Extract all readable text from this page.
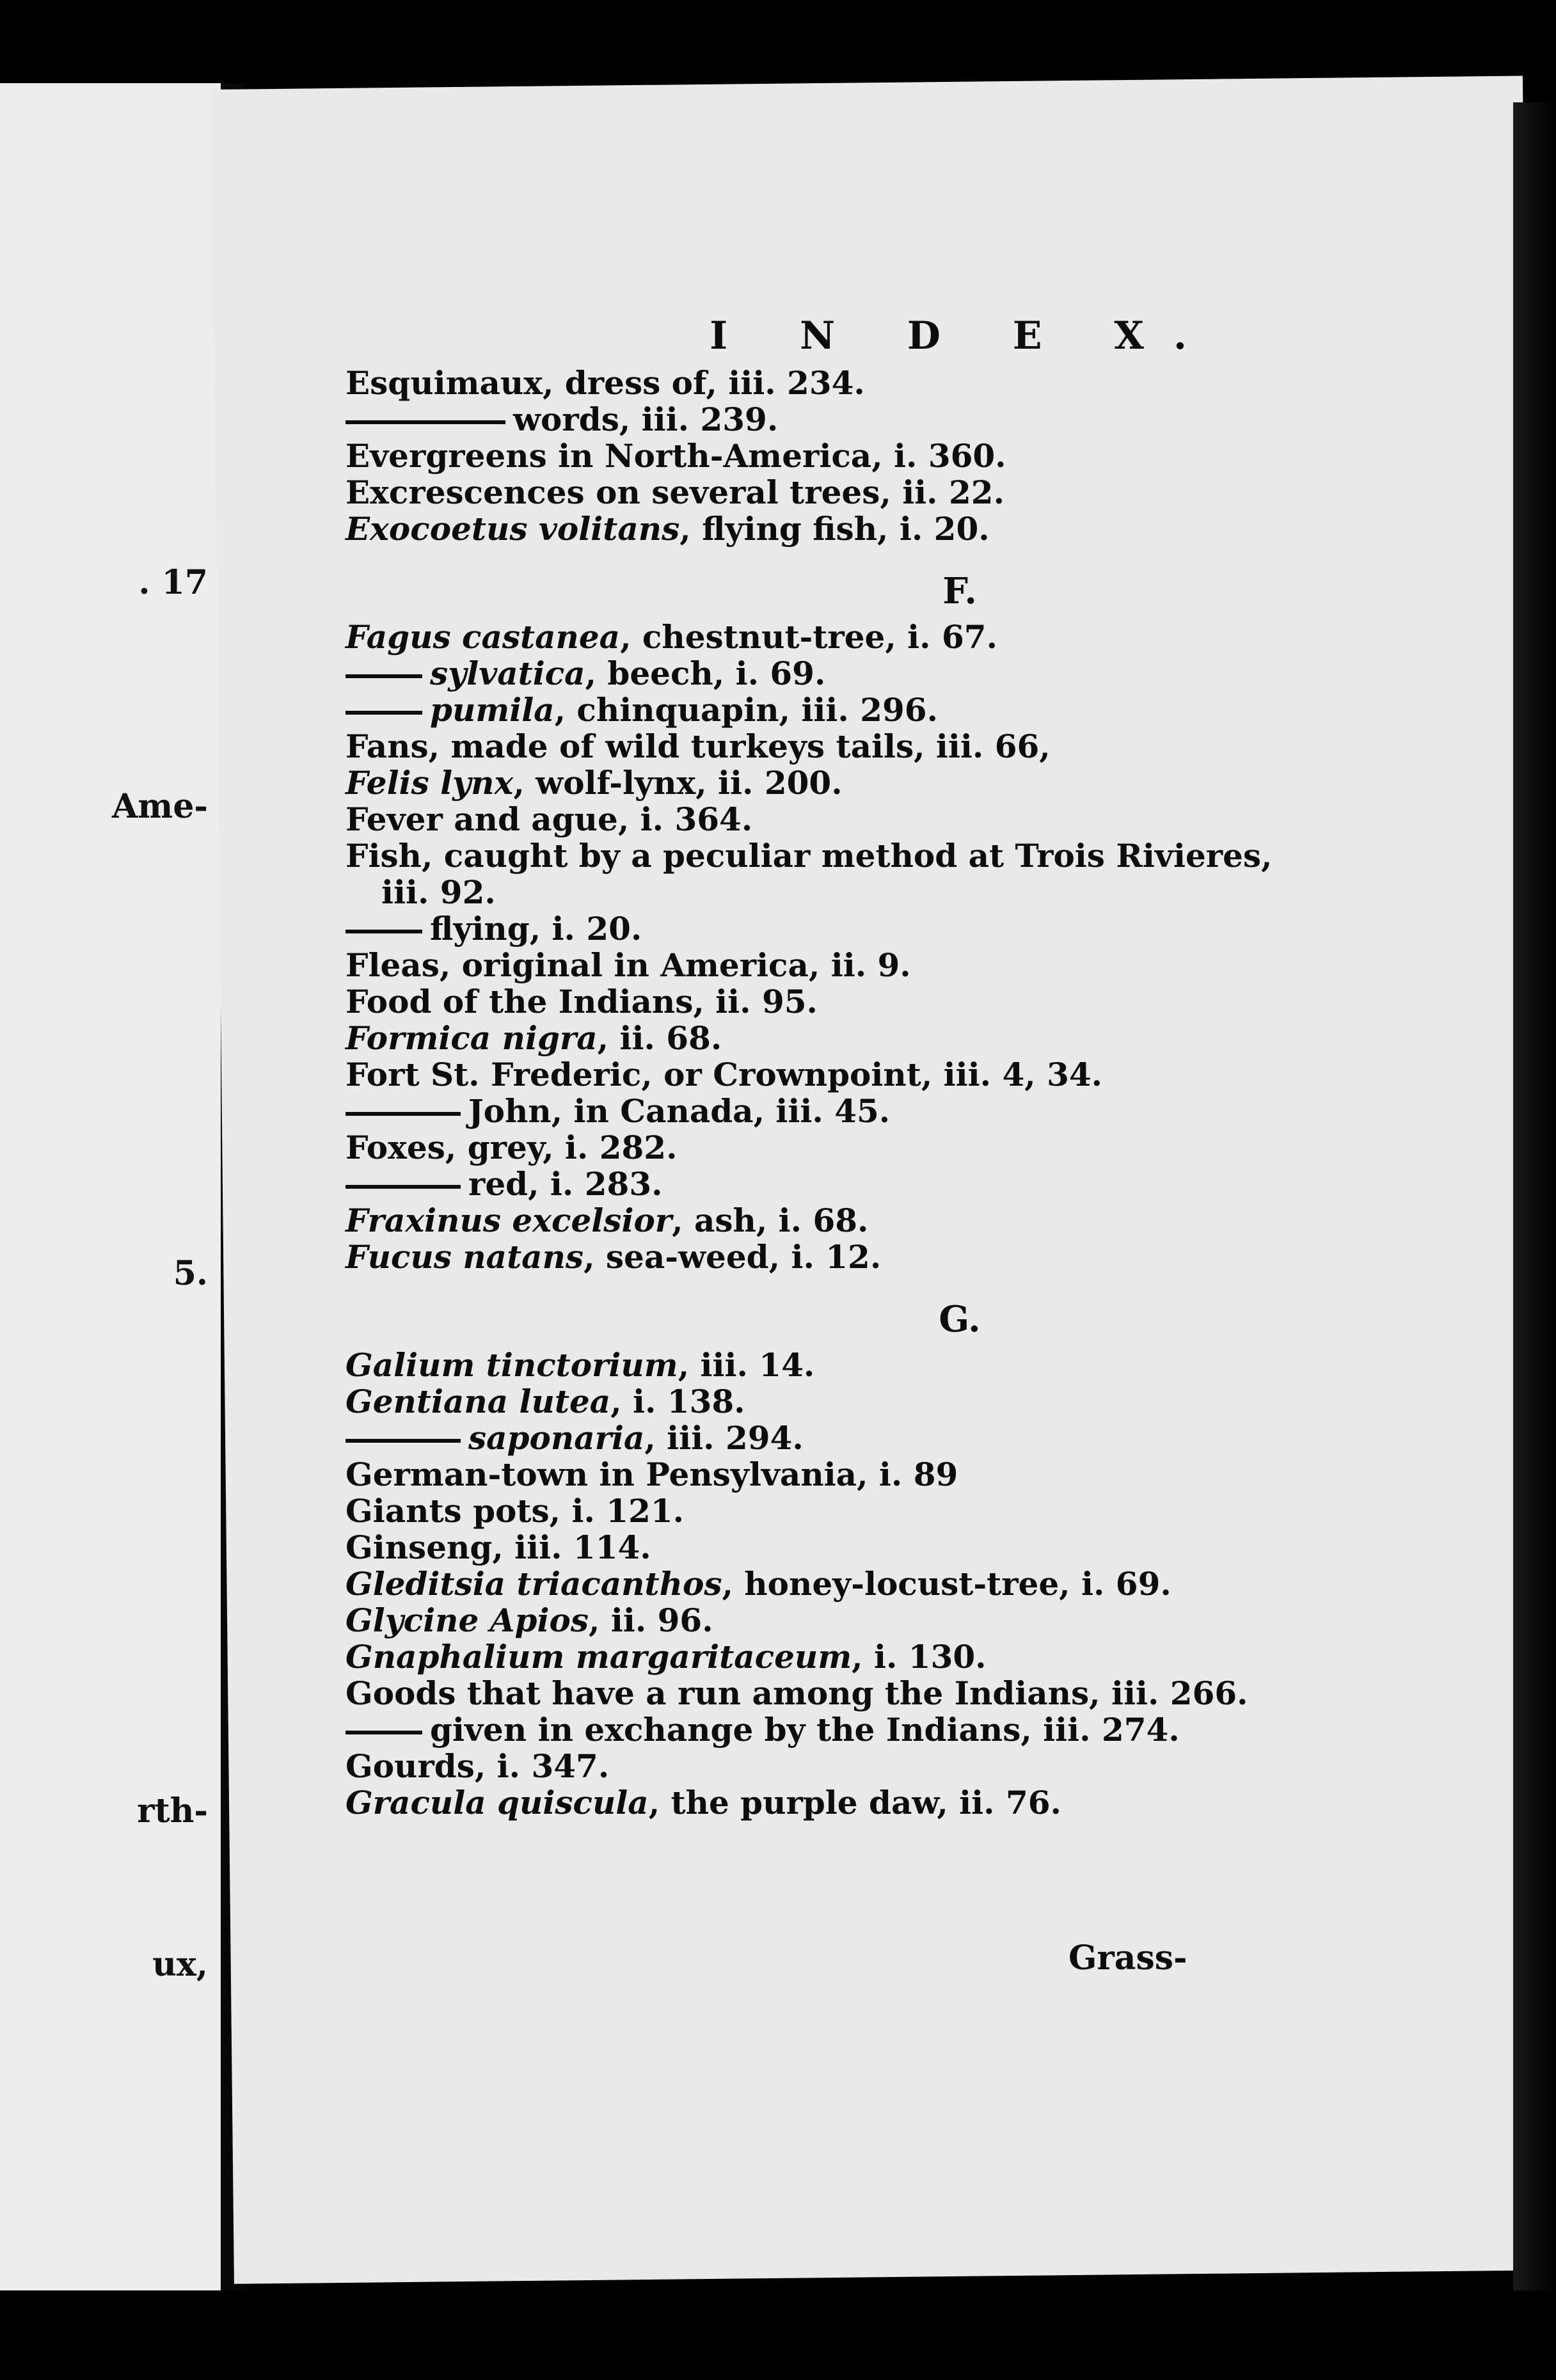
. 17
Ame-
5.
rth-
ux,
I N D E X.
Esquimaux, dress of, iii. 234.
words, iii. 239.
Evergreens in North-America, i. 360.
Excrescences on several trees, ii. 22.
Exocoetus volitans, flying fish, i. 20.
F.
Fagus castanea, chestnut-tree, i. 67.
sylvatica, beech, i. 69.
pumila, chinquapin, iii. 296.
Fans, made of wild turkeys tails, iii. 66,
Felis lynx, wolf-lynx, ii. 200.
Fever and ague, i. 364.
Fish, caught by a peculiar method at Trois Rivieres,
iii. 92.
flying, i. 20.
Fleas, original in America, ii. 9.
Food of the Indians, ii. 95.
Formica nigra, ii. 68.
Fort St. Frederic, or Crownpoint, iii. 4, 34.
John, in Canada, iii. 45.
Foxes, grey, i. 282.
red, i. 283.
Fraxinus excelsior, ash, i. 68.
Fucus natans, sea-weed, i. 12.
G.
Galium tinctorium, iii. 14.
Gentiana lutea, i. 138.
saponaria, iii. 294.
German-town in Pensylvania, i. 89
Giants pots, i. 121.
Ginseng, iii. 114.
Gleditsia triacanthos, honey-locust-tree, i. 69.
Glycine Apios, ii. 96.
Gnaphalium margaritaceum, i. 130.
Goods that have a run among the Indians, iii. 266.
given in exchange by the Indians, iii. 274.
Gourds, i. 347.
Gracula quiscula, the purple daw, ii. 76.
Grass-
